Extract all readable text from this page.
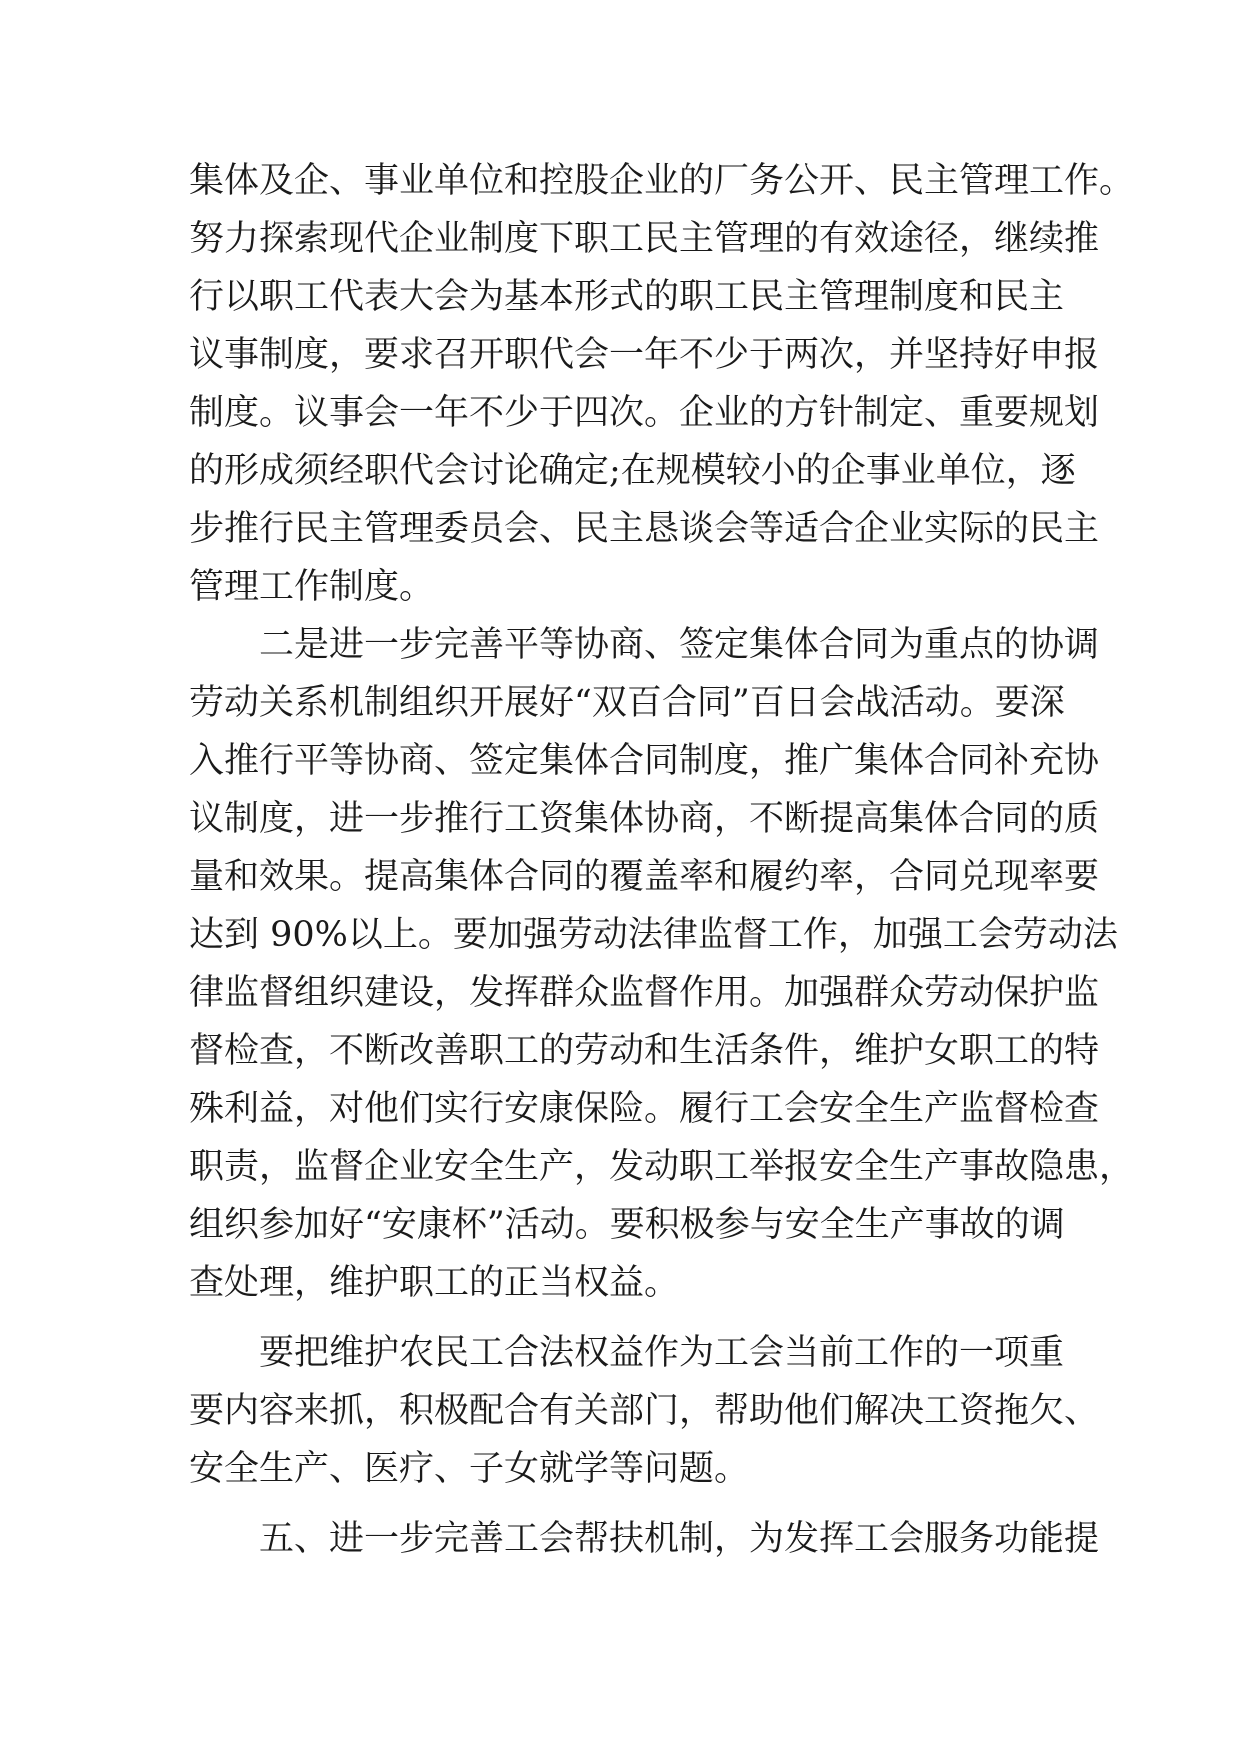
集体及企、事业单位和控股企业的厂务公开、民主管理工作。
努力探索现代企业制度下职工民主管理的有效途径，继续推
行以职工代表大会为基本形式的职工民主管理制度和民主
议事制度，要求召开职代会一年不少于两次，并坚持好申报
制度。议事会一年不少于四次。企业的方针制定、重要规划
的形成须经职代会讨论确定;在规模较小的企事业单位，逐
步推行民主管理委员会、民主恳谈会等适合企业实际的民主
管理工作制度。
二是进一步完善平等协商、签定集体合同为重点的协调
劳动关系机制组织开展好“双百合同”百日会战活动。要深
入推行平等协商、签定集体合同制度，推广集体合同补充协
议制度，进一步推行工资集体协商，不断提高集体合同的质
量和效果。提高集体合同的覆盖率和履约率，合同兑现率要
达到 90%以上。要加强劳动法律监督工作，加强工会劳动法
律监督组织建设，发挥群众监督作用。加强群众劳动保护监
督检查，不断改善职工的劳动和生活条件，维护女职工的特
殊利益，对他们实行安康保险。履行工会安全生产监督检查
职责，监督企业安全生产，发动职工举报安全生产事故隐患，
组织参加好“安康杯”活动。要积极参与安全生产事故的调
查处理，维护职工的正当权益。
要把维护农民工合法权益作为工会当前工作的一项重
要内容来抓，积极配合有关部门，帮助他们解决工资拖欠、
安全生产、医疗、子女就学等问题。
五、进一步完善工会帮扶机制，为发挥工会服务功能提
